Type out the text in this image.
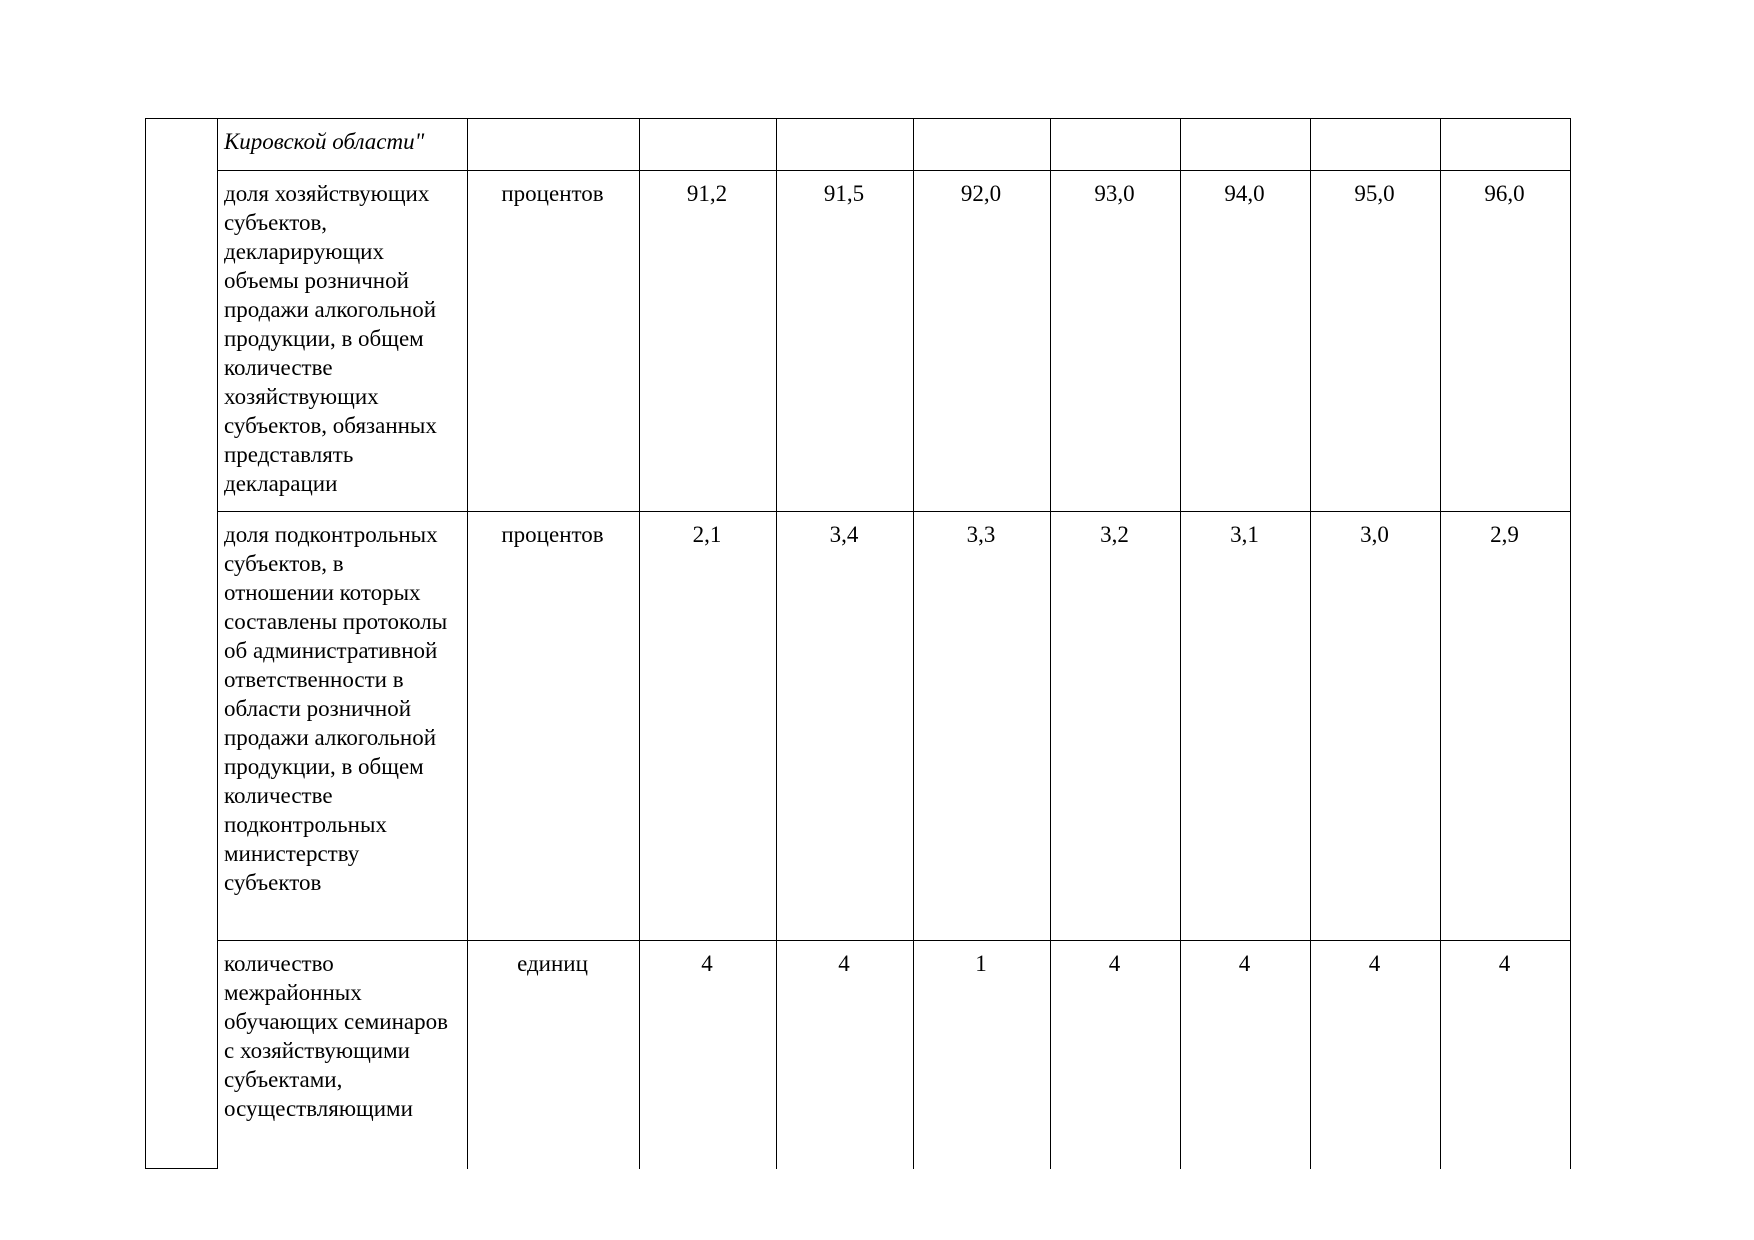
	Кировской области"								

	доля хозяйствующих субъектов, декларирующих объемы розничной продажи алкогольной продукции, в общем количестве хозяйствующих субъектов, обязанных представлять декларации	процентов	91,2	91,5	92,0	93,0	94,0	95,0	96,0

	доля подконтрольных субъектов, в отношении которых составлены протоколы об административной ответственности в области розничной продажи алкогольной продукции, в общем количестве подконтрольных министерству субъектов	процентов	2,1	3,4	3,3	3,2	3,1	3,0	2,9

	количество межрайонных обучающих семинаров с хозяйствующими субъектами, осуществляющими	единиц	4	4	1	4	4	4	4
